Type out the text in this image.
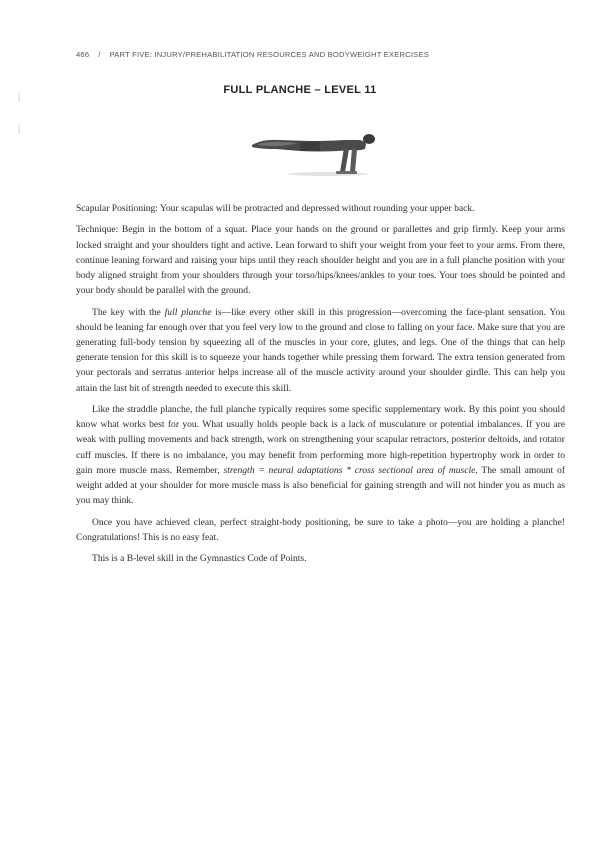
466 / PART FIVE: INJURY/PREHABILITATION RESOURCES AND BODYWEIGHT EXERCISES
FULL PLANCHE – LEVEL 11

Scapular Positioning: Your scapulas will be protracted and depressed without rounding your upper back.

Technique: Begin in the bottom of a squat. Place your hands on the ground or parallettes and grip firmly. Keep your arms locked straight and your shoulders tight and active. Lean forward to shift your weight from your feet to your arms. From there, continue leaning forward and raising your hips until they reach shoulder height and you are in a full planche position with your body aligned straight from your shoulders through your torso/hips/knees/ankles to your toes. Your toes should be pointed and your body should be parallel with the ground.

The key with the full planche is—like every other skill in this progression—overcoming the face-plant sensation. You should be leaning far enough over that you feel very low to the ground and close to falling on your face. Make sure that you are generating full-body tension by squeezing all of the muscles in your core, glutes, and legs. One of the things that can help generate tension for this skill is to squeeze your hands together while pressing them forward. The extra tension generated from your pectorals and serratus anterior helps increase all of the muscle activity around your shoulder girdle. This can help you attain the last bit of strength needed to execute this skill.

Like the straddle planche, the full planche typically requires some specific supplementary work. By this point you should know what works best for you. What usually holds people back is a lack of musculature or potential imbalances. If you are weak with pulling movements and back strength, work on strengthening your scapular retractors, posterior deltoids, and rotator cuff muscles. If there is no imbalance, you may benefit from performing more high-repetition hypertrophy work in order to gain more muscle mass. Remember, strength = neural adaptations * cross sectional area of muscle. The small amount of weight added at your shoulder for more muscle mass is also beneficial for gaining strength and will not hinder you as much as you may think.

Once you have achieved clean, perfect straight-body positioning, be sure to take a photo—you are holding a planche! Congratulations! This is no easy feat.

This is a B-level skill in the Gymnastics Code of Points.
